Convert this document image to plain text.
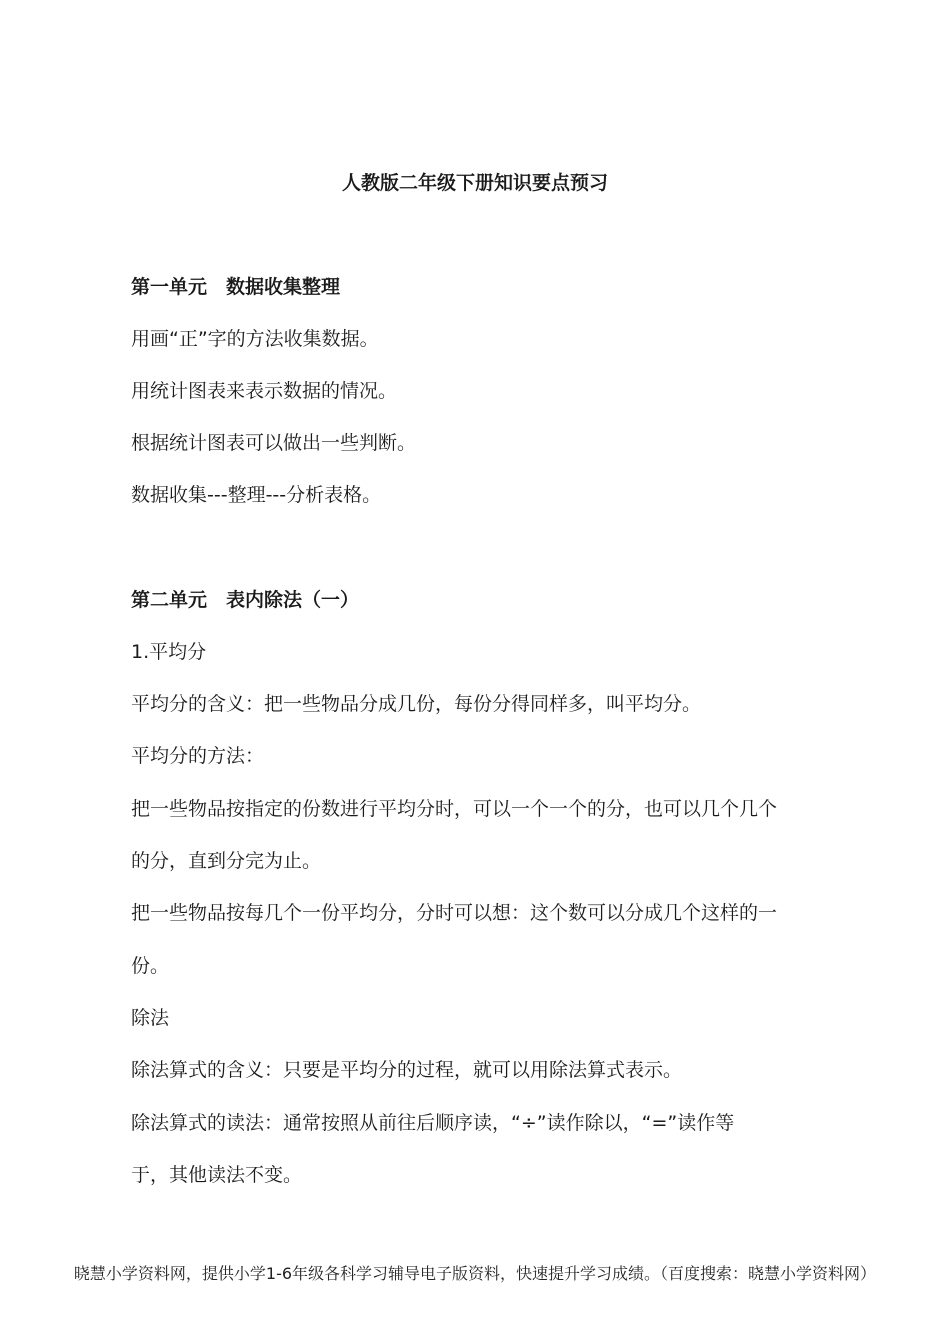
人教版二年级下册知识要点预习
第一单元　数据收集整理
用画“正”字的方法收集数据。
用统计图表来表示数据的情况。
根据统计图表可以做出一些判断。
数据收集---整理---分析表格。
第二单元　表内除法（一）
1.平均分
平均分的含义：把一些物品分成几份，每份分得同样多，叫平均分。
平均分的方法：
把一些物品按指定的份数进行平均分时，可以一个一个的分，也可以几个几个
的分，直到分完为止。
把一些物品按每几个一份平均分，分时可以想：这个数可以分成几个这样的一
份。
除法
除法算式的含义：只要是平均分的过程，就可以用除法算式表示。
除法算式的读法：通常按照从前往后顺序读，“÷”读作除以，“=”读作等
于，其他读法不变。
晓慧小学资料网，提供小学1-6年级各科学习辅导电子版资料，快速提升学习成绩。（百度搜索：晓慧小学资料网）
